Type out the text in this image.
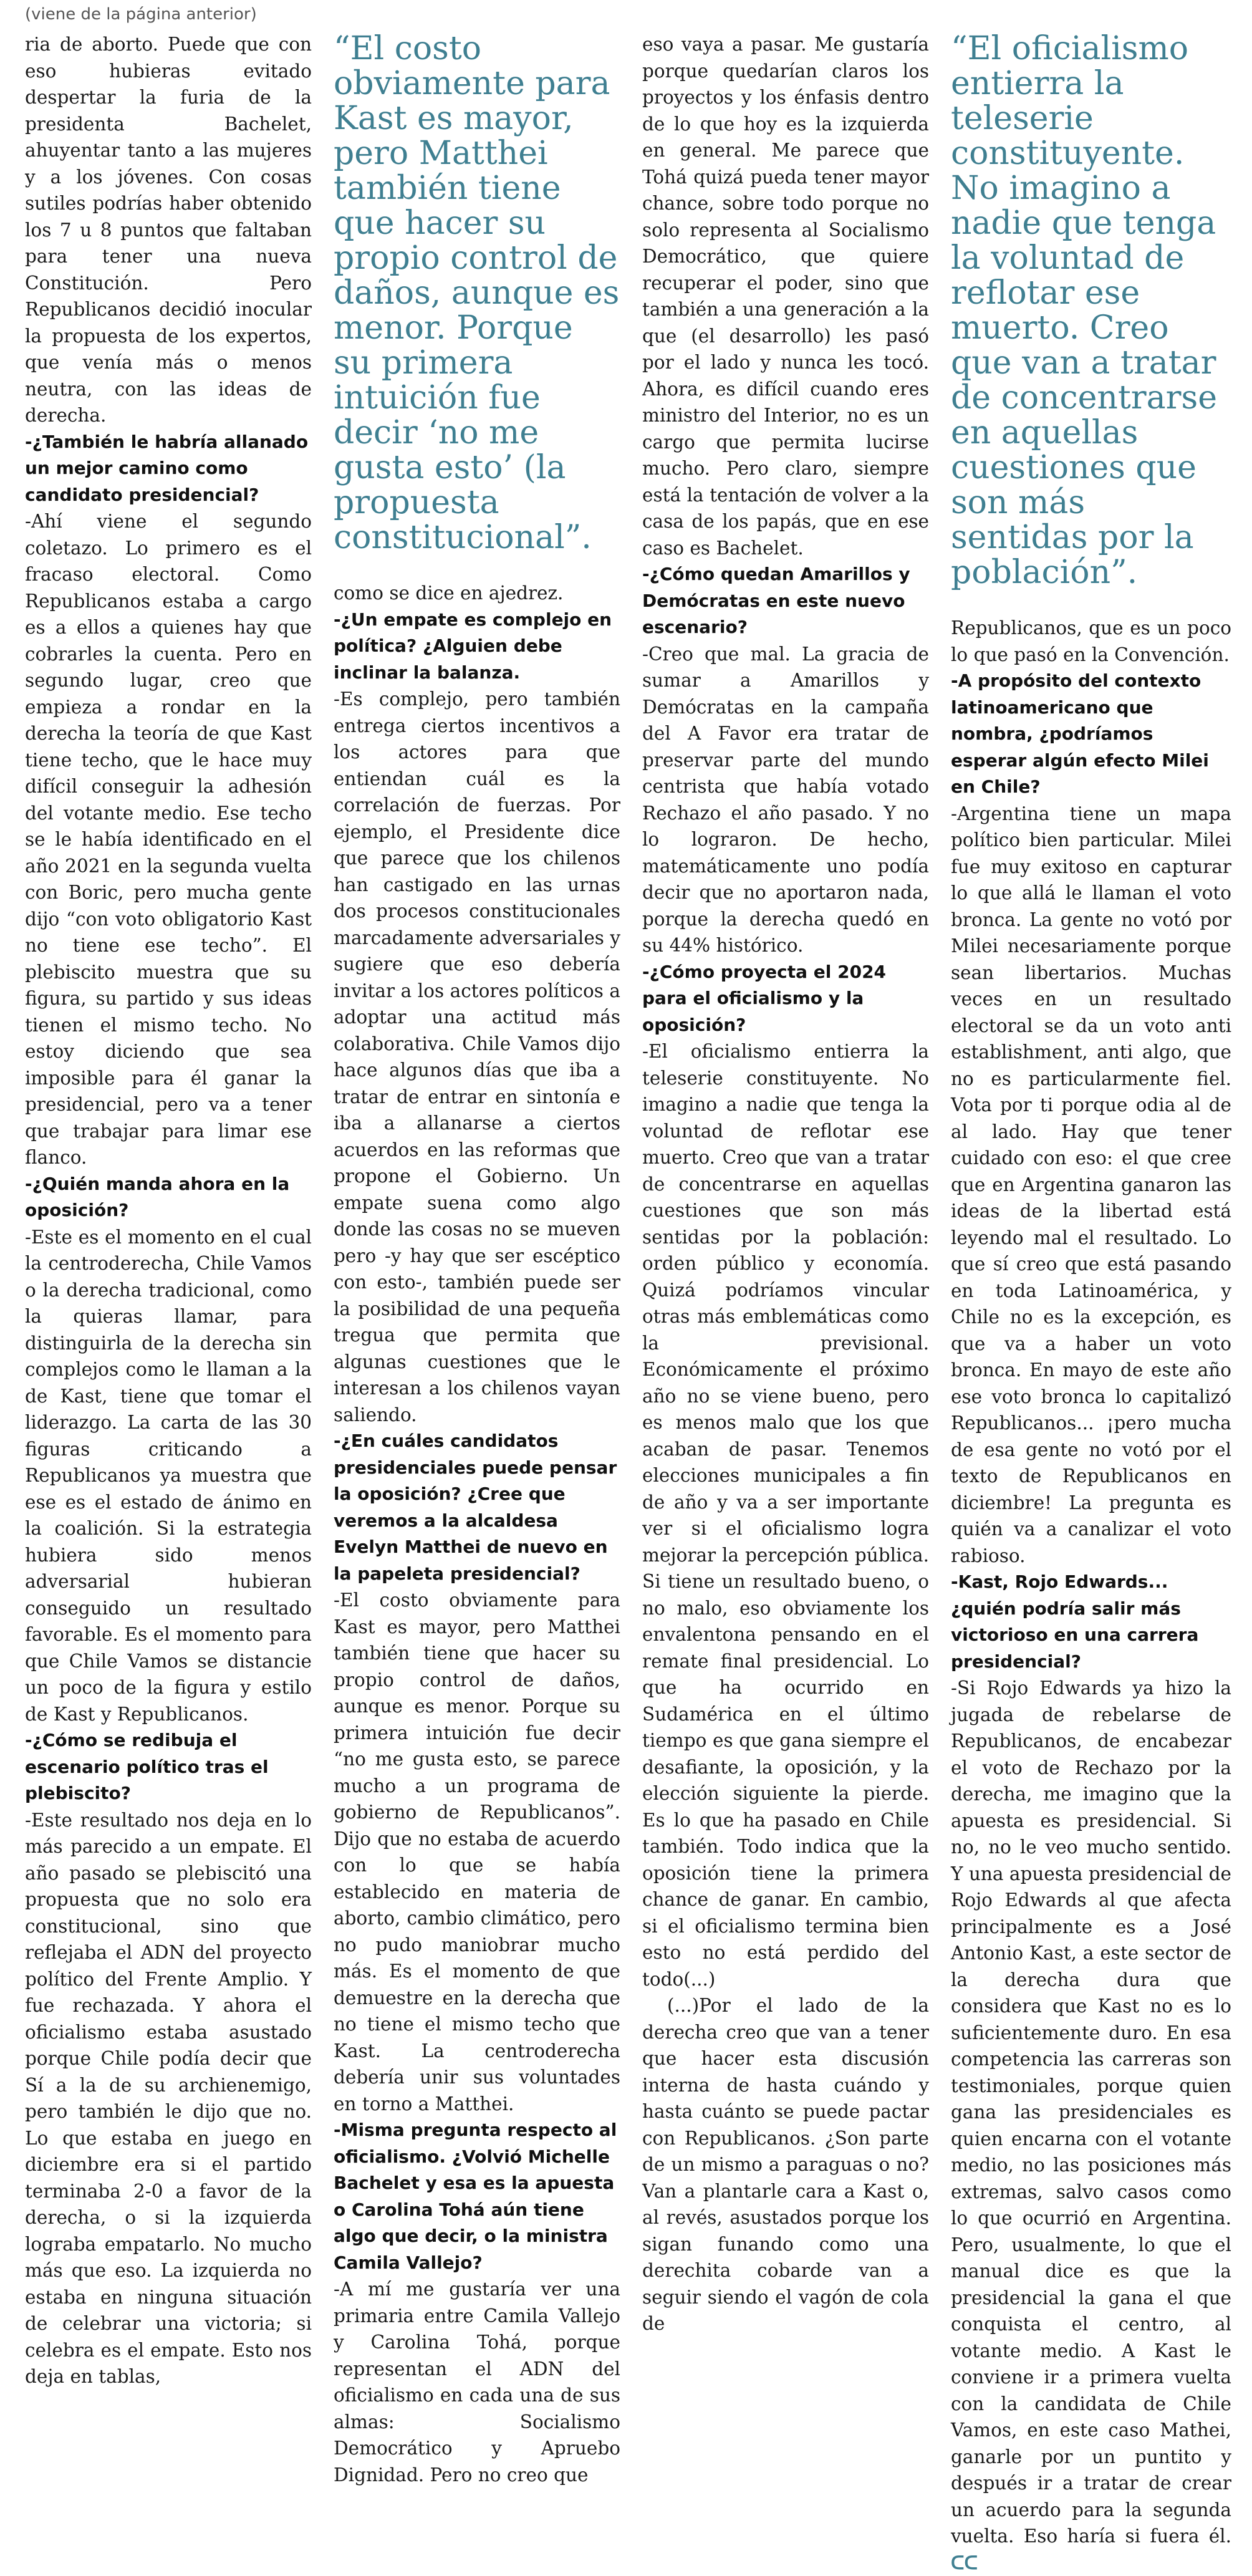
(viene de la página anterior)

ria de aborto. Puede que con eso hubieras evitado despertar la furia de la presidenta Bachelet, ahuyentar tanto a las mujeres y a los jóvenes. Con cosas sutiles podrías haber obtenido los 7 u 8 puntos que faltaban para tener una nueva Constitución. Pero Republicanos decidió inocular la propuesta de los expertos, que venía más o menos neutra, con las ideas de derecha.

-¿También le habría allanado un mejor camino como candidato presidencial?

-Ahí viene el segundo coletazo. Lo primero es el fracaso electoral. Como Republicanos estaba a cargo es a ellos a quienes hay que cobrarles la cuenta. Pero en segundo lugar, creo que empieza a rondar en la derecha la teoría de que Kast tiene techo, que le hace muy difícil conseguir la adhesión del votante medio. Ese techo se le había identificado en el año 2021 en la segunda vuelta con Boric, pero mucha gente dijo “con voto obligatorio Kast no tiene ese techo”. El plebiscito muestra que su figura, su partido y sus ideas tienen el mismo techo. No estoy diciendo que sea imposible para él ganar la presidencial, pero va a tener que trabajar para limar ese flanco.

-¿Quién manda ahora en la oposición?

-Este es el momento en el cual la centroderecha, Chile Vamos o la derecha tradicional, como la quieras llamar, para distinguirla de la derecha sin complejos como le llaman a la de Kast, tiene que tomar el liderazgo. La carta de las 30 figuras criticando a Republicanos ya muestra que ese es el estado de ánimo en la coalición. Si la estrategia hubiera sido menos adversarial hubieran conseguido un resultado favorable. Es el momento para que Chile Vamos se distancie un poco de la figura y estilo de Kast y Republicanos.

-¿Cómo se redibuja el escenario político tras el plebiscito?

-Este resultado nos deja en lo más parecido a un empate. El año pasado se plebiscitó una propuesta que no solo era constitucional, sino que reflejaba el ADN del proyecto político del Frente Amplio. Y fue rechazada. Y ahora el oficialismo estaba asustado porque Chile podía decir que Sí a la de su archienemigo, pero también le dijo que no. Lo que estaba en juego en diciembre era si el partido terminaba 2-0 a favor de la derecha, o si la izquierda lograba empatarlo. No mucho más que eso. La izquierda no estaba en ninguna situación de celebrar una victoria; si celebra es el empate. Esto nos deja en tablas,

“El costo obviamente para Kast es mayor, pero Matthei también tiene que hacer su propio control de daños, aunque es menor. Porque su primera intuición fue decir ‘no me gusta esto’ (la propuesta constitucional”.

como se dice en ajedrez.

-¿Un empate es complejo en política? ¿Alguien debe inclinar la balanza.

-Es complejo, pero también entrega ciertos incentivos a los actores para que entiendan cuál es la correlación de fuerzas. Por ejemplo, el Presidente dice que parece que los chilenos han castigado en las urnas dos procesos constitucionales marcadamente adversariales y sugiere que eso debería invitar a los actores políticos a adoptar una actitud más colaborativa. Chile Vamos dijo hace algunos días que iba a tratar de entrar en sintonía e iba a allanarse a ciertos acuerdos en las reformas que propone el Gobierno. Un empate suena como algo donde las cosas no se mueven pero -y hay que ser escéptico con esto-, también puede ser la posibilidad de una pequeña tregua que permita que algunas cuestiones que le interesan a los chilenos vayan saliendo.

-¿En cuáles candidatos presidenciales puede pensar la oposición? ¿Cree que veremos a la alcaldesa Evelyn Matthei de nuevo en la papeleta presidencial?

-El costo obviamente para Kast es mayor, pero Matthei también tiene que hacer su propio control de daños, aunque es menor. Porque su primera intuición fue decir “no me gusta esto, se parece mucho a un programa de gobierno de Republicanos”. Dijo que no estaba de acuerdo con lo que se había establecido en materia de aborto, cambio climático, pero no pudo maniobrar mucho más. Es el momento de que demuestre en la derecha que no tiene el mismo techo que Kast. La centroderecha debería unir sus voluntades en torno a Matthei.

-Misma pregunta respecto al oficialismo. ¿Volvió Michelle Bachelet y esa es la apuesta o Carolina Tohá aún tiene algo que decir, o la ministra Camila Vallejo?

-A mí me gustaría ver una primaria entre Camila Vallejo y Carolina Tohá, porque representan el ADN del oficialismo en cada una de sus almas: Socialismo Democrático y Apruebo Dignidad. Pero no creo que

eso vaya a pasar. Me gustaría porque quedarían claros los proyectos y los énfasis dentro de lo que hoy es la izquierda en general. Me parece que Tohá quizá pueda tener mayor chance, sobre todo porque no solo representa al Socialismo Democrático, que quiere recuperar el poder, sino que también a una generación a la que (el desarrollo) les pasó por el lado y nunca les tocó. Ahora, es difícil cuando eres ministro del Interior, no es un cargo que permita lucirse mucho. Pero claro, siempre está la tentación de volver a la casa de los papás, que en ese caso es Bachelet.

-¿Cómo quedan Amarillos y Demócratas en este nuevo escenario?

-Creo que mal. La gracia de sumar a Amarillos y Demócratas en la campaña del A Favor era tratar de preservar parte del mundo centrista que había votado Rechazo el año pasado. Y no lo lograron. De hecho, matemáticamente uno podía decir que no aportaron nada, porque la derecha quedó en su 44% histórico.

-¿Cómo proyecta el 2024 para el oficialismo y la oposición?

-El oficialismo entierra la teleserie constituyente. No imagino a nadie que tenga la voluntad de reflotar ese muerto. Creo que van a tratar de concentrarse en aquellas cuestiones que son más sentidas por la población: orden público y economía. Quizá podríamos vincular otras más emblemáticas como la previsional. Económicamente el próximo año no se viene bueno, pero es menos malo que los que acaban de pasar. Tenemos elecciones municipales a fin de año y va a ser importante ver si el oficialismo logra mejorar la percepción pública. Si tiene un resultado bueno, o no malo, eso obviamente los envalentona pensando en el remate final presidencial. Lo que ha ocurrido en Sudamérica en el último tiempo es que gana siempre el desafiante, la oposición, y la elección siguiente la pierde. Es lo que ha pasado en Chile también. Todo indica que la oposición tiene la primera chance de ganar. En cambio, si el oficialismo termina bien esto no está perdido del todo(...)

(...)Por el lado de la derecha creo que van a tener que hacer esta discusión interna de hasta cuándo y hasta cuánto se puede pactar con Republicanos. ¿Son parte de un mismo a paraguas o no? Van a plantarle cara a Kast o, al revés, asustados porque los sigan funando como una derechita cobarde van a seguir siendo el vagón de cola de

“El oficialismo entierra la teleserie constituyente. No imagino a nadie que tenga la voluntad de reflotar ese muerto. Creo que van a tratar de concentrarse en aquellas cuestiones que son más sentidas por la población”.

Republicanos, que es un poco lo que pasó en la Convención.

-A propósito del contexto latinoamericano que nombra, ¿podríamos esperar algún efecto Milei en Chile?

-Argentina tiene un mapa político bien particular. Milei fue muy exitoso en capturar lo que allá le llaman el voto bronca. La gente no votó por Milei necesariamente porque sean libertarios. Muchas veces en un resultado electoral se da un voto anti establishment, anti algo, que no es particularmente fiel. Vota por ti porque odia al de al lado. Hay que tener cuidado con eso: el que cree que en Argentina ganaron las ideas de la libertad está leyendo mal el resultado. Lo que sí creo que está pasando en toda Latinoamérica, y Chile no es la excepción, es que va a haber un voto bronca. En mayo de este año ese voto bronca lo capitalizó Republicanos... ¡pero mucha de esa gente no votó por el texto de Republicanos en diciembre! La pregunta es quién va a canalizar el voto rabioso.

-Kast, Rojo Edwards... ¿quién podría salir más victorioso en una carrera presidencial?

-Si Rojo Edwards ya hizo la jugada de rebelarse de Republicanos, de encabezar el voto de Rechazo por la derecha, me imagino que la apuesta es presidencial. Si no, no le veo mucho sentido. Y una apuesta presidencial de Rojo Edwards al que afecta principalmente es a José Antonio Kast, a este sector de la derecha dura que considera que Kast no es lo suficientemente duro. En esa competencia las carreras son testimoniales, porque quien gana las presidenciales es quien encarna con el votante medio, no las posiciones más extremas, salvo casos como lo que ocurrió en Argentina. Pero, usualmente, lo que el manual dice es que la presidencial la gana el que conquista el centro, al votante medio. A Kast le conviene ir a primera vuelta con la candidata de Chile Vamos, en este caso Mathei, ganarle por un puntito y después ir a tratar de crear un acuerdo para la segunda vuelta. Eso haría si fuera él. ᑕᑕ
